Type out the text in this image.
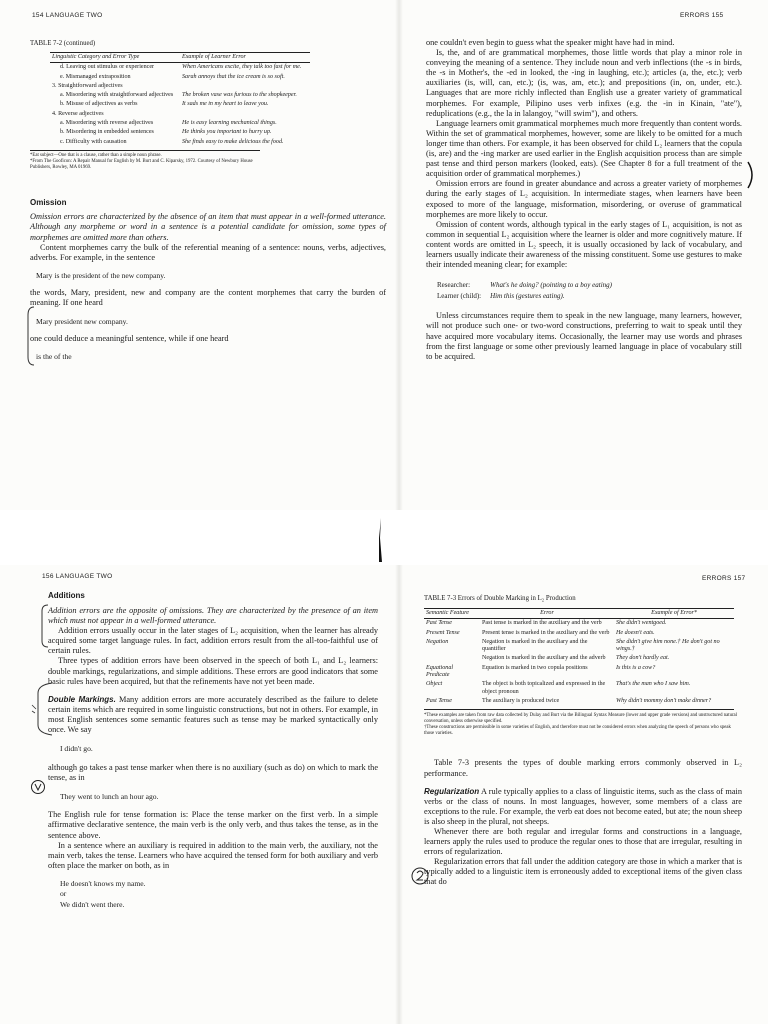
154 LANGUAGE TWO	ERRORS 155
TABLE 7-2 (continued)
Linguistic Category and Error Type	Example of Learner Error
d. Leaving out stimulus or experiencer	When Americans excite, they talk too fast for me.
e. Mismanaged extraposition	Sarah annoys that the ice cream is so soft.
3. Straightforward adjectives	
a. Misordering with straightforward adjectives	The broken vase was furious to the shopkeeper.
b. Misuse of adjectives as verbs	It sads me in my heart to leave you.
4. Reverse adjectives	
a. Misordering with reverse adjectives	He is easy learning mechanical things.
b. Misordering in embedded sentences	He thinks you important to hurry up.
c. Difficulty with causation	She finds easy to make delicious the food.

*Eat subject—One that is a clause, rather than a simple noun phrase.

*From The Gooficon: A Repair Manual for English by M. Burt and C. Kiparsky, 1972. Courtesy of Newbury House Publishers, Rowley, MA 01969.

Omission

Omission errors are characterized by the absence of an item that must appear in a well-formed utterance. Although any morpheme or word in a sentence is a potential candidate for omission, some types of morphemes are omitted more than others.

Content morphemes carry the bulk of the referential meaning of a sentence: nouns, verbs, adjectives, adverbs. For example, in the sentence

Mary is the president of the new company.

the words, Mary, president, new and company are the content morphemes that carry the burden of meaning. If one heard

Mary president new company.

one could deduce a meaningful sentence, while if one heard

is the of the

one couldn't even begin to guess what the speaker might have had in mind.

Is, the, and of are grammatical morphemes, those little words that play a minor role in conveying the meaning of a sentence. They include noun and verb inflections (the -s in birds, the -s in Mother's, the -ed in looked, the -ing in laughing, etc.); articles (a, the, etc.); verb auxiliaries (is, will, can, etc.); (is, was, am, etc.); and prepositions (in, on, under, etc.). Languages that are more richly inflected than English use a greater variety of grammatical morphemes. For example, Pilipino uses verb infixes (e.g. the -in in Kinain, "ate"), reduplications (e.g., the la in lalangoy, "will swim"), and others.

Language learners omit grammatical morphemes much more frequently than content words. Within the set of grammatical morphemes, however, some are likely to be omitted for a much longer time than others. For example, it has been observed for child L₂ learners that the copula (is, are) and the -ing marker are used earlier in the English acquisition process than are simple past tense and third person markers (looked, eats). (See Chapter 8 for a full treatment of the acquisition order of grammatical morphemes.)

Omission errors are found in greater abundance and across a greater variety of morphemes during the early stages of L₂ acquisition. In intermediate stages, when learners have been exposed to more of the language, misformation, misordering, or overuse of grammatical morphemes are more likely to occur.

Omission of content words, although typical in the early stages of L₁ acquisition, is not as common in sequential L₂ acquisition where the learner is older and more cognitively mature. If content words are omitted in L₂ speech, it is usually occasioned by lack of vocabulary, and learners usually indicate their awareness of the missing constituent. Some use gestures to make their intended meaning clear; for example:

Researcher:	What's he doing? (pointing to a boy eating)
Learner (child):	Him this (gestures eating).

Unless circumstances require them to speak in the new language, many learners, however, will not produce such one- or two-word constructions, preferring to wait to speak until they have acquired more vocabulary items. Occasionally, the learner may use words and phrases from the first language or some other previously learned language in place of vocabulary still to be acquired.

156 LANGUAGE TWO	ERRORS 157

Additions

Addition errors are the opposite of omissions. They are characterized by the presence of an item which must not appear in a well-formed utterance.

Addition errors usually occur in the later stages of L₂ acquisition, when the learner has already acquired some target language rules. In fact, addition errors result from the all-too-faithful use of certain rules.

Three types of addition errors have been observed in the speech of both L₁ and L₂ learners: double markings, regularizations, and simple additions. These errors are good indicators that some basic rules have been acquired, but that the refinements have not yet been made.

Double Markings. Many addition errors are more accurately described as the failure to delete certain items which are required in some linguistic constructions, but not in others. For example, in most English sentences some semantic features such as tense may be marked syntactically only once. We say

I didn't go.

although go takes a past tense marker when there is no auxiliary (such as do) on which to mark the tense, as in

They went to lunch an hour ago.

The English rule for tense formation is: Place the tense marker on the first verb. In a simple affirmative declarative sentence, the main verb is the only verb, and thus takes the tense, as in the sentence above.

In a sentence where an auxiliary is required in addition to the main verb, the auxiliary, not the main verb, takes the tense. Learners who have acquired the tensed form for both auxiliary and verb often place the marker on both, as in

He doesn't knows my name.

or

We didn't went there.

TABLE 7-3 Errors of Double Marking in L₂ Production
Semantic Feature	Error	Example of Error*
Past Tense	Past tense is marked in the auxiliary and the verb	She didn't wentgoed.
Present Tense	Present tense is marked in the auxiliary and the verb	He doesn't eats.
Negation	Negation is marked in the auxiliary and the quantifier	She didn't give him none.† He don't got no wings.†
	Negation is marked in the auxiliary and the adverb	They don't hardly eat.
Equational Predicate	Equation is marked in two copula positions	Is this is a cow?
Object	The object is both topicalized and expressed in the object pronoun	That's the man who I saw him.
Past Tense	The auxiliary is produced twice	Why didn't mommy don't make dinner?

*These examples are taken from raw data collected by Dulay and Burt via the Bilingual Syntax Measure (lower and upper grade versions) and unstructured natural conversation, unless otherwise specified.

†These constructions are permissible in some varieties of English, and therefore must not be considered errors when analyzing the speech of persons who speak those varieties.

Table 7-3 presents the types of double marking errors commonly observed in L₂ performance.

Regularization A rule typically applies to a class of linguistic items, such as the class of main verbs or the class of nouns. In most languages, however, some members of a class are exceptions to the rule. For example, the verb eat does not become eated, but ate; the noun sheep is also sheep in the plural, not sheeps.

Whenever there are both regular and irregular forms and constructions in a language, learners apply the rules used to produce the regular ones to those that are irregular, resulting in errors of regularization.

Regularization errors that fall under the addition category are those in which a marker that is typically added to a linguistic item is erroneously added to exceptional items of the given class that do
